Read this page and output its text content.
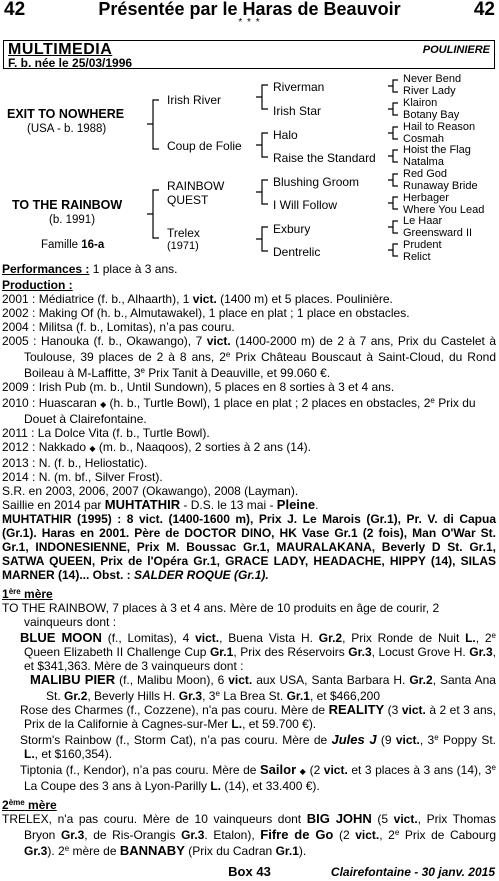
42	Présentée par le Haras de Beauvoir	42
* * *
MULTIMEDIA
F. b. née le 25/03/1996
POULINIERE
EXIT TO NOWHERE
(USA - b. 1988)
TO THE RAINBOW
(b. 1991)
Famille 16-a
Irish River
Coup de Folie
RAINBOW
QUEST
Trelex
(1971)
Riverman
Irish Star
Halo
Raise the Standard
Blushing Groom
I Will Follow
Exbury
Dentrelic
Never Bend
River Lady
Klairon
Botany Bay
Hail to Reason
Cosmah
Hoist the Flag
Natalma
Red God
Runaway Bride
Herbager
Where You Lead
Le Haar
Greensward II
Prudent
Relict

Performances : 1 place à 3 ans.

Production :

2001 : Médiatrice (f. b., Alhaarth), 1 vict. (1400 m) et 5 places. Poulinière.

2002 : Making Of (h. b., Almutawakel), 1 place en plat ; 1 place en obstacles.

2004 : Militsa (f. b., Lomitas), n’a pas couru.

2005 : Hanouka (f. b., Okawango), 7 vict. (1400-2000 m) de 2 à 7 ans, Prix du Castelet à Toulouse, 39 places de 2 à 8 ans, 2e Prix Château Bouscaut à Saint-Cloud, du Rond Boileau à M-Laffitte, 3e Prix Tanit à Deauville, et 99.060 €.

2009 : Irish Pub (m. b., Until Sundown), 5 places en 8 sorties à 3 et 4 ans.

2010 : Huascaran ◆ (h. b., Turtle Bowl), 1 place en plat ; 2 places en obstacles, 2e Prix du Douet à Clairefontaine.

2011 : La Dolce Vita (f. b., Turtle Bowl).

2012 : Nakkado ◆ (m. b., Naaqoos), 2 sorties à 2 ans (14).

2013 : N. (f. b., Heliostatic).

2014 : N. (m. bf., Silver Frost).

S.R. en 2003, 2006, 2007 (Okawango), 2008 (Layman).

Saillie en 2014 par MUHTATHIR - D.S. le 13 mai - Pleine.

MUHTATHIR (1995) : 8 vict. (1400-1600 m), Prix J. Le Marois (Gr.1), Pr. V. di Capua (Gr.1). Haras en 2001. Père de DOCTOR DINO, HK Vase Gr.1 (2 fois), Man O'War St. Gr.1, INDONESIENNE, Prix M. Boussac Gr.1, MAURALAKANA, Beverly D St. Gr.1, SATWA QUEEN, Prix de l'Opéra Gr.1, GRACE LADY, HEADACHE, HIPPY (14), SILAS MARNER (14)... Obst. : SALDER ROQUE (Gr.1).

1ère mère

TO THE RAINBOW, 7 places à 3 et 4 ans. Mère de 10 produits en âge de courir, 2 vainqueurs dont :

BLUE MOON (f., Lomitas), 4 vict., Buena Vista H. Gr.2, Prix Ronde de Nuit L., 2e Queen Elizabeth II Challenge Cup Gr.1, Prix des Réservoirs Gr.3, Locust Grove H. Gr.3, et $341,363. Mère de 3 vainqueurs dont :

MALIBU PIER (f., Malibu Moon), 6 vict. aux USA, Santa Barbara H. Gr.2, Santa Ana St. Gr.2, Beverly Hills H. Gr.3, 3e La Brea St. Gr.1, et $466,200

Rose des Charmes (f., Cozzene), n'a pas couru. Mère de REALITY (3 vict. à 2 et 3 ans, Prix de la Californie à Cagnes-sur-Mer L., et 59.700 €).

Storm's Rainbow (f., Storm Cat), n’a pas couru. Mère de Jules J (9 vict., 3e Poppy St. L., et $160,354).

Tiptonia (f., Kendor), n’a pas couru. Mère de Sailor ◆ (2 vict. et 3 places à 3 ans (14), 3e La Coupe des 3 ans à Lyon-Parilly L. (14), et 33.400 €).

2ème mère

TRELEX, n'a pas couru. Mère de 10 vainqueurs dont BIG JOHN (5 vict., Prix Thomas Bryon Gr.3, de Ris-Orangis Gr.3. Etalon), Fifre de Go (2 vict., 2e Prix de Cabourg Gr.3). 2e mère de BANNABY (Prix du Cadran Gr.1).

Box 43	Clairefontaine - 30 janv. 2015
